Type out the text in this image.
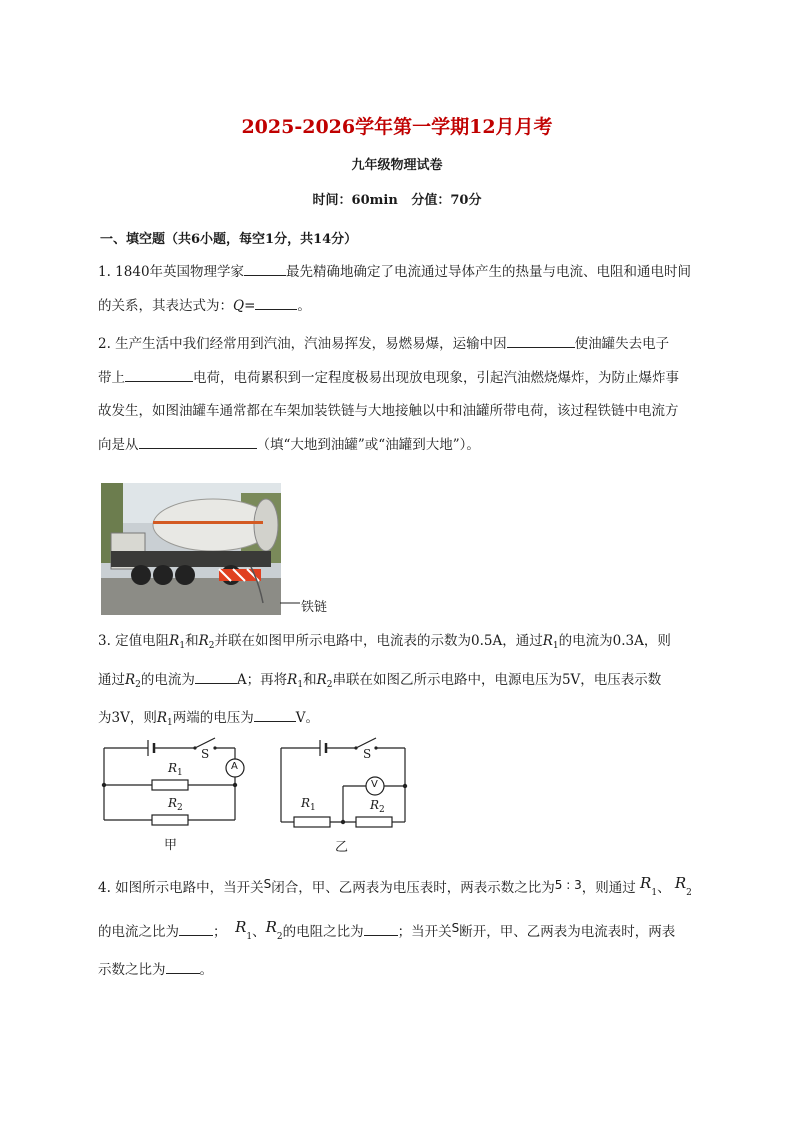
2025-2026学年第一学期12月月考
九年级物理试卷
时间：60min 分值：70分
一、填空题（共6小题，每空1分，共14分）
1. 1840年英国物理学家	最先精确地确定了电流通过导体产生的热量与电流、电阻和通电时间
的关系，其表达式为：Q=	。
2. 生产生活中我们经常用到汽油，汽油易挥发，易燃易爆，运输中因	使油罐失去电子
带上	电荷，电荷累积到一定程度极易出现放电现象，引起汽油燃烧爆炸，为防止爆炸事
故发生，如图油罐车通常都在车架加装铁链与大地接触以中和油罐所带电荷，该过程铁链中电流方
向是从	（填“大地到油罐”或“油罐到大地”）。
铁链
3. 定值电阻$R_1$和$R_2$并联在如图甲所示电路中，电流表的示数为0.5A，通过$R_1$的电流为0.3A，则
通过$R_2$的电流为	A；再将$R_1$和$R_2$串联在如图乙所示电路中，电源电压为5V，电压表示数
为3V，则$R_1$两端的电压为	V。
S
A
$R_1$
$R_2$
甲
S
V
$R_1$	$R_2$
乙
4. 如图所示电路中，当开关S闭合，甲、乙两表为电压表时，两表示数之比为5 : 3，则通过 $R_1$、 $R_2$
的电流之比为	； $R_1$、$R_2$的电阻之比为	；当开关S断开，甲、乙两表为电流表时，两表
示数之比为	。
